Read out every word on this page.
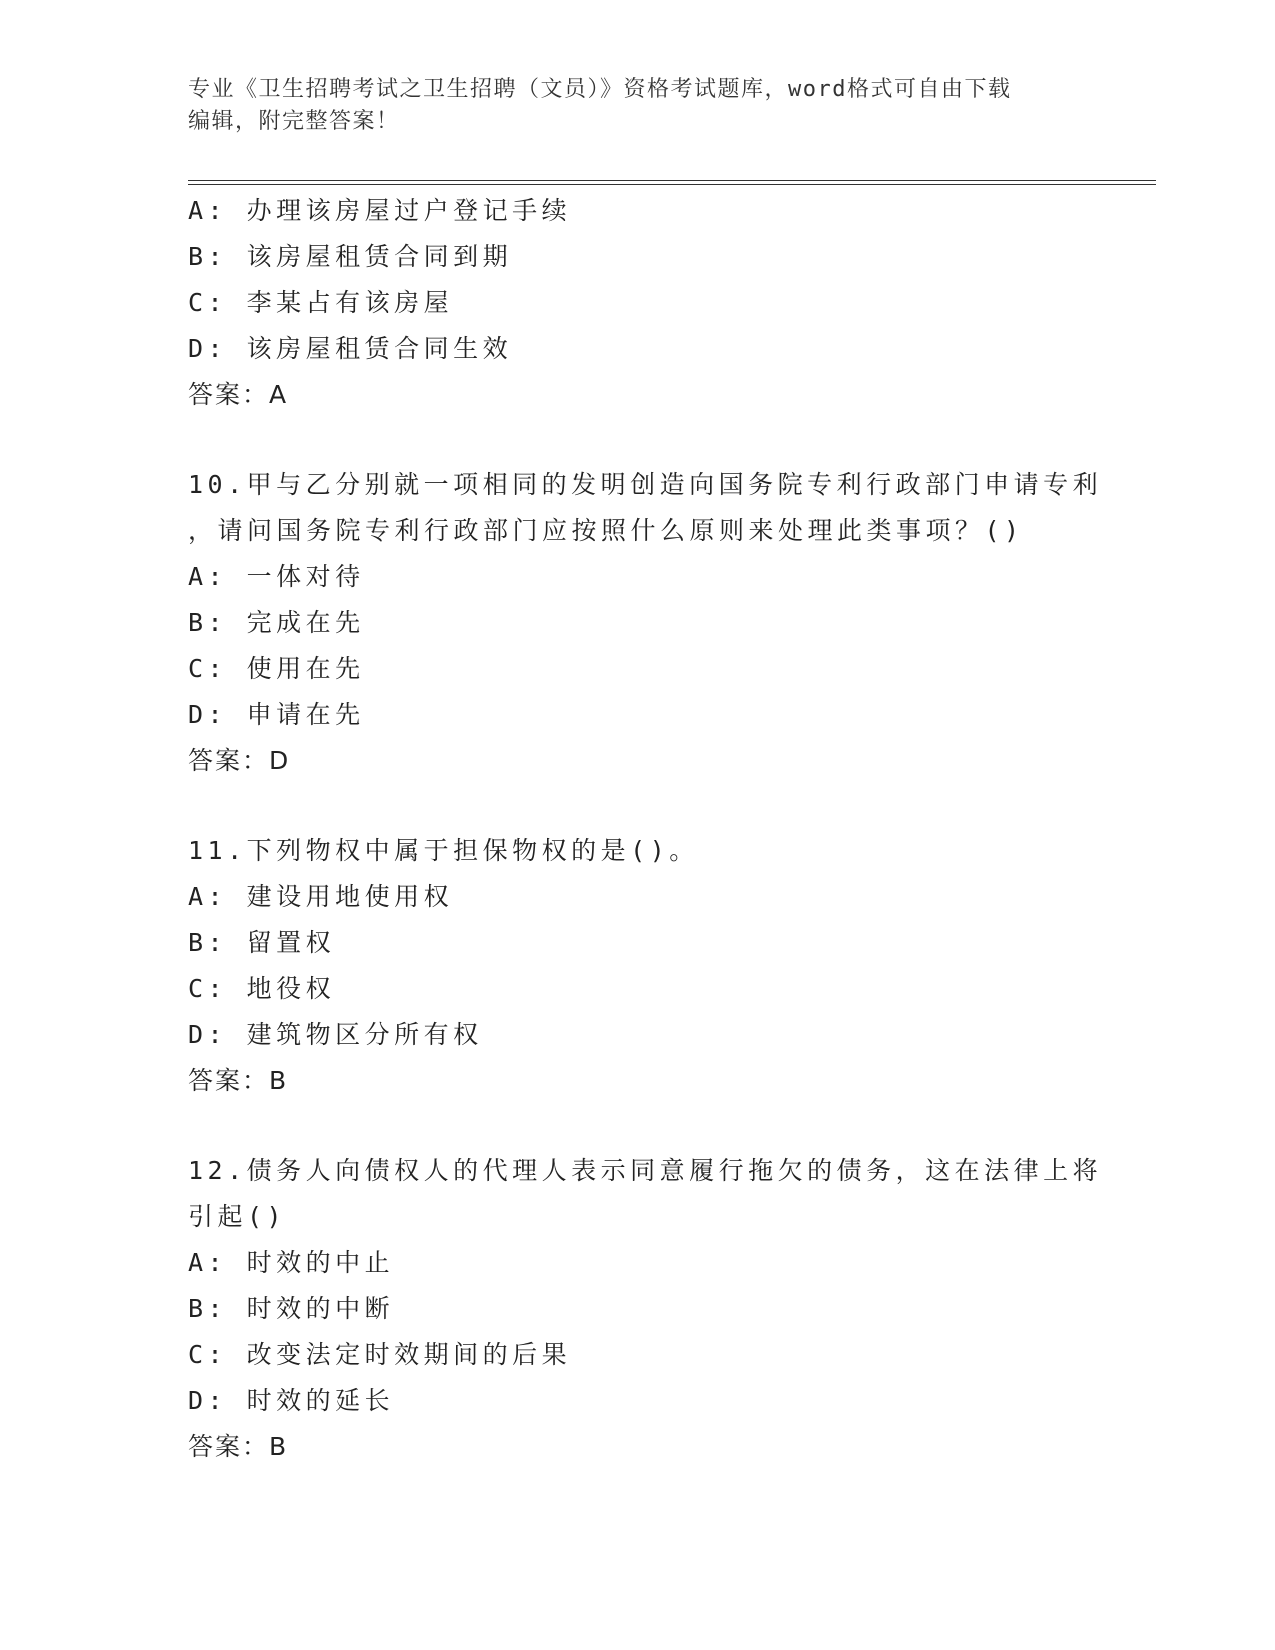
专业《卫生招聘考试之卫生招聘（文员）》资格考试题库，word格式可自由下载
编辑，附完整答案！
A: 办理该房屋过户登记手续
B: 该房屋租赁合同到期
C: 李某占有该房屋
D: 该房屋租赁合同生效
答案：A
10.甲与乙分别就一项相同的发明创造向国务院专利行政部门申请专利
，请问国务院专利行政部门应按照什么原则来处理此类事项？()
A: 一体对待
B: 完成在先
C: 使用在先
D: 申请在先
答案：D
11.下列物权中属于担保物权的是()。
A: 建设用地使用权
B: 留置权
C: 地役权
D: 建筑物区分所有权
答案：B
12.债务人向债权人的代理人表示同意履行拖欠的债务，这在法律上将
引起()
A: 时效的中止
B: 时效的中断
C: 改变法定时效期间的后果
D: 时效的延长
答案：B
